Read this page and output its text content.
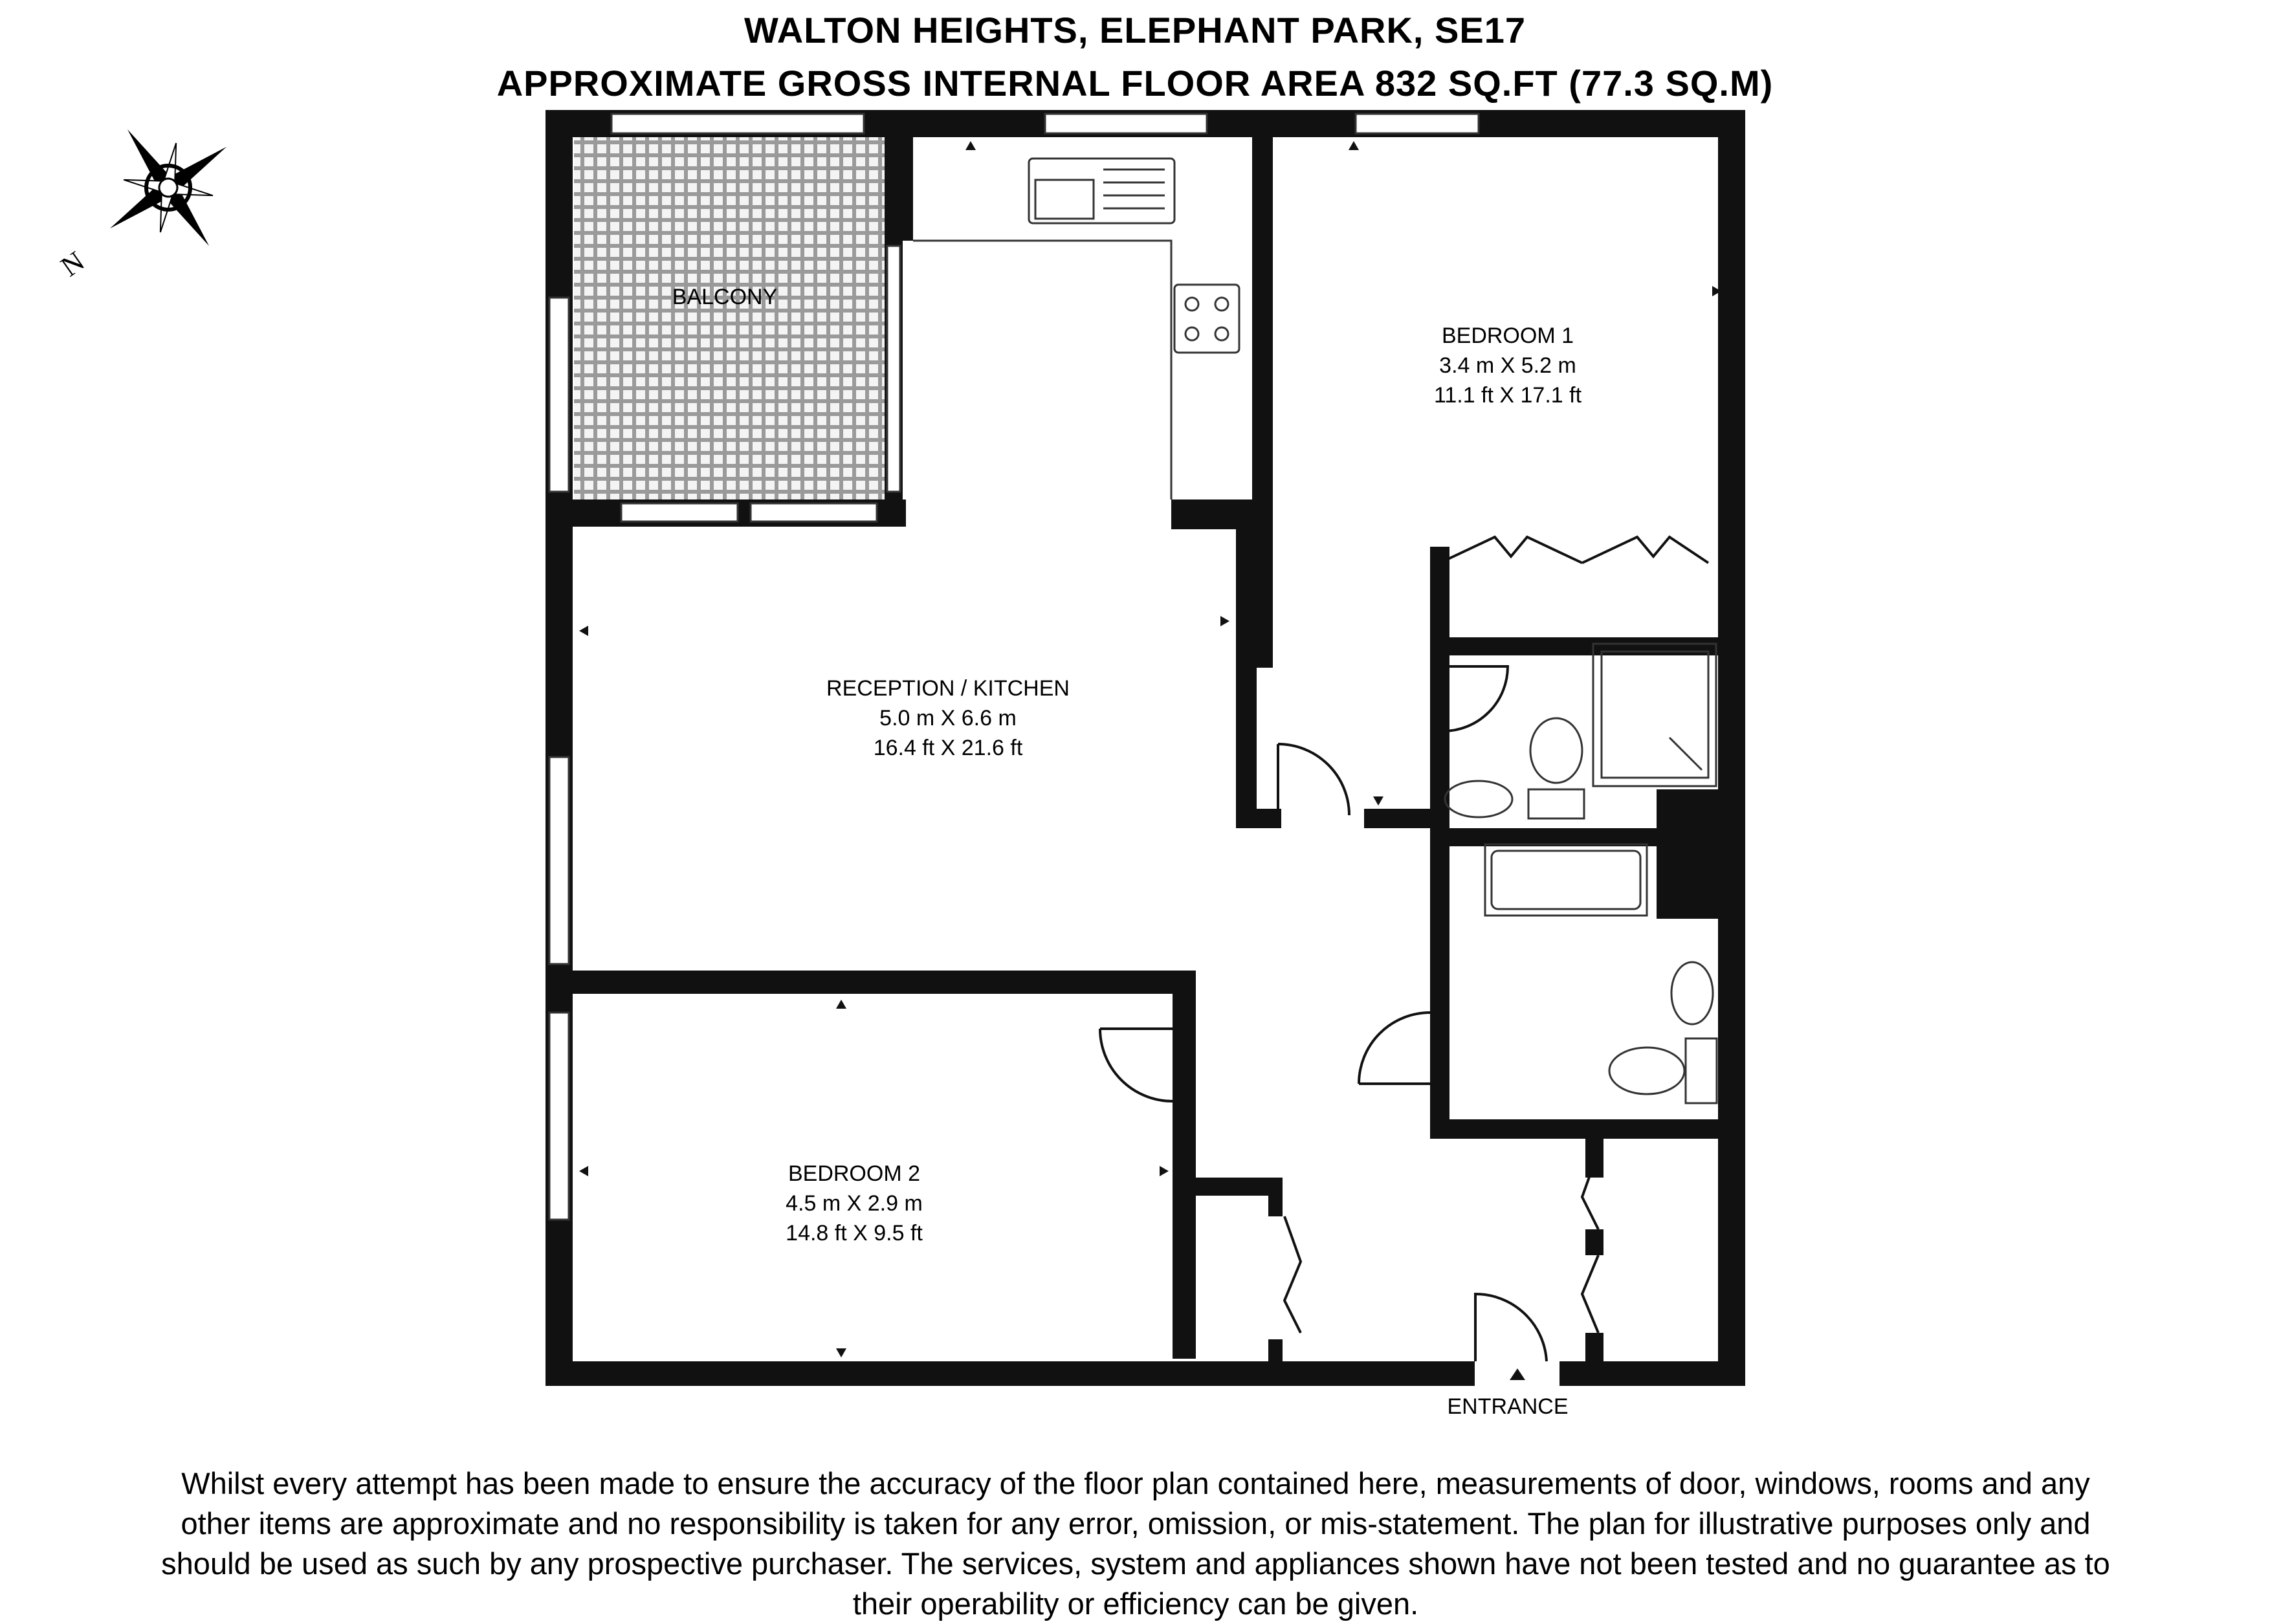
WALTON HEIGHTS, ELEPHANT PARK, SE17
APPROXIMATE GROSS INTERNAL FLOOR AREA 832 SQ.FT (77.3 SQ.M)
N
BALCONY
BEDROOM 1
3.4 m X 5.2 m
11.1 ft X 17.1 ft
RECEPTION / KITCHEN
5.0 m X 6.6 m
16.4 ft X 21.6 ft
BEDROOM 2
4.5 m X 2.9 m
14.8 ft X 9.5 ft
ENTRANCE

Whilst every attempt has been made to ensure the accuracy of the floor plan contained here, measurements of door, windows, rooms and any other items are approximate and no responsibility is taken for any error, omission, or mis-statement. The plan for illustrative purposes only and should be used as such by any prospective purchaser. The services, system and appliances shown have not been tested and no guarantee as to their operability or efficiency can be given.
